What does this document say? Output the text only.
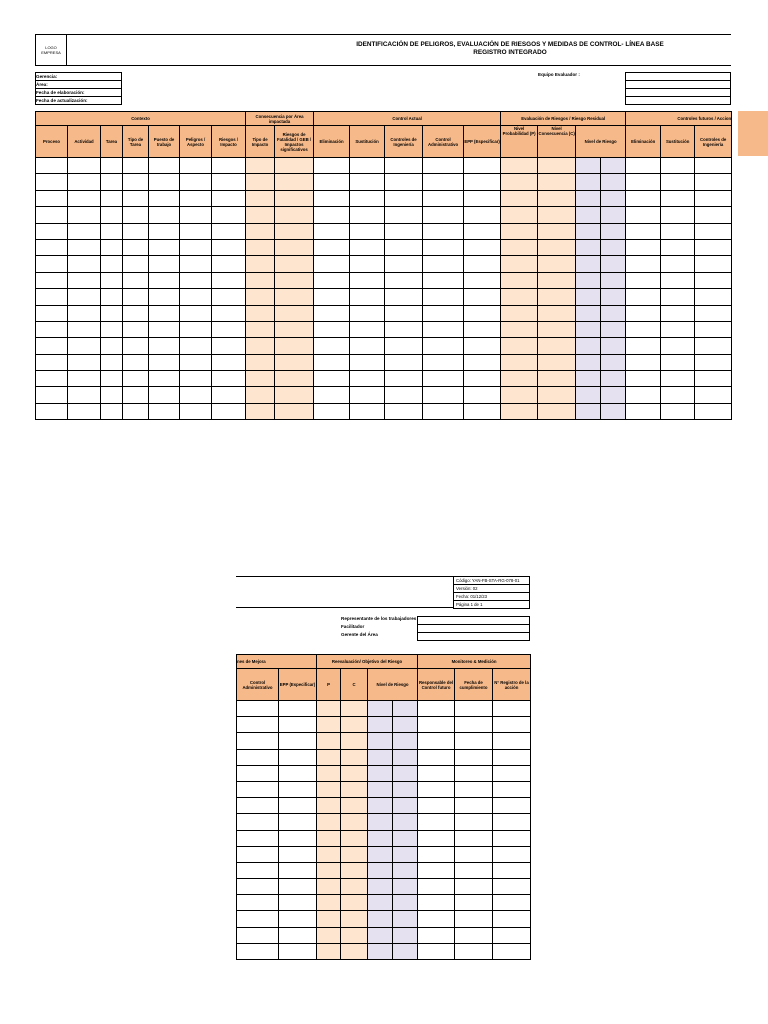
LOGO
EMPRESA
IDENTIFICACIÓN DE PELIGROS, EVALUACIÓN DE RIESGOS Y MEDIDAS DE CONTROL- LÍNEA BASE
REGISTRO INTEGRADO
Gerencia:
Área:
Fecha de elaboración:
Fecha de actualización:
Equipo Evaluador :

Contexto							Consecuencia por Área impactada		Control Actual					Evaluación de Riesgos / Riesgo Residual				Controles futuros / Accion		
Proceso	Actividad	Tarea	Tipo de Tarea	Puesto de trabajo	Peligros / Aspecto	Riesgos / Impacto	Tipo de Impacto	Riesgos de Fatalidad / GEB / Impactos significativos	Eliminación	Sustitución	Controles de Ingeniería	Control Administrativo	EPP (Especificar)	Nivel Probabilidad (P)	Nivel Consecuencia (C)	Nivel de Riesgo		Eliminación	Sustitución	Controles de Ingeniería

Código: YAN-FB-STA-RG-078-01
Versión: 02
Fecha: 01/12/23
Página 1 de 1
Representante de los trabajadores
Facilitador
Gerente del Área

nes de Mejora		Reevaluación/ Objetivo del Riesgo				Monitoreo & Medición		
Control Administrativo	EPP (Especificar)	P	C	Nivel de Riesgo		Responsable del Control futuro	Fecha de cumplimiento	N° Registro de la acción
